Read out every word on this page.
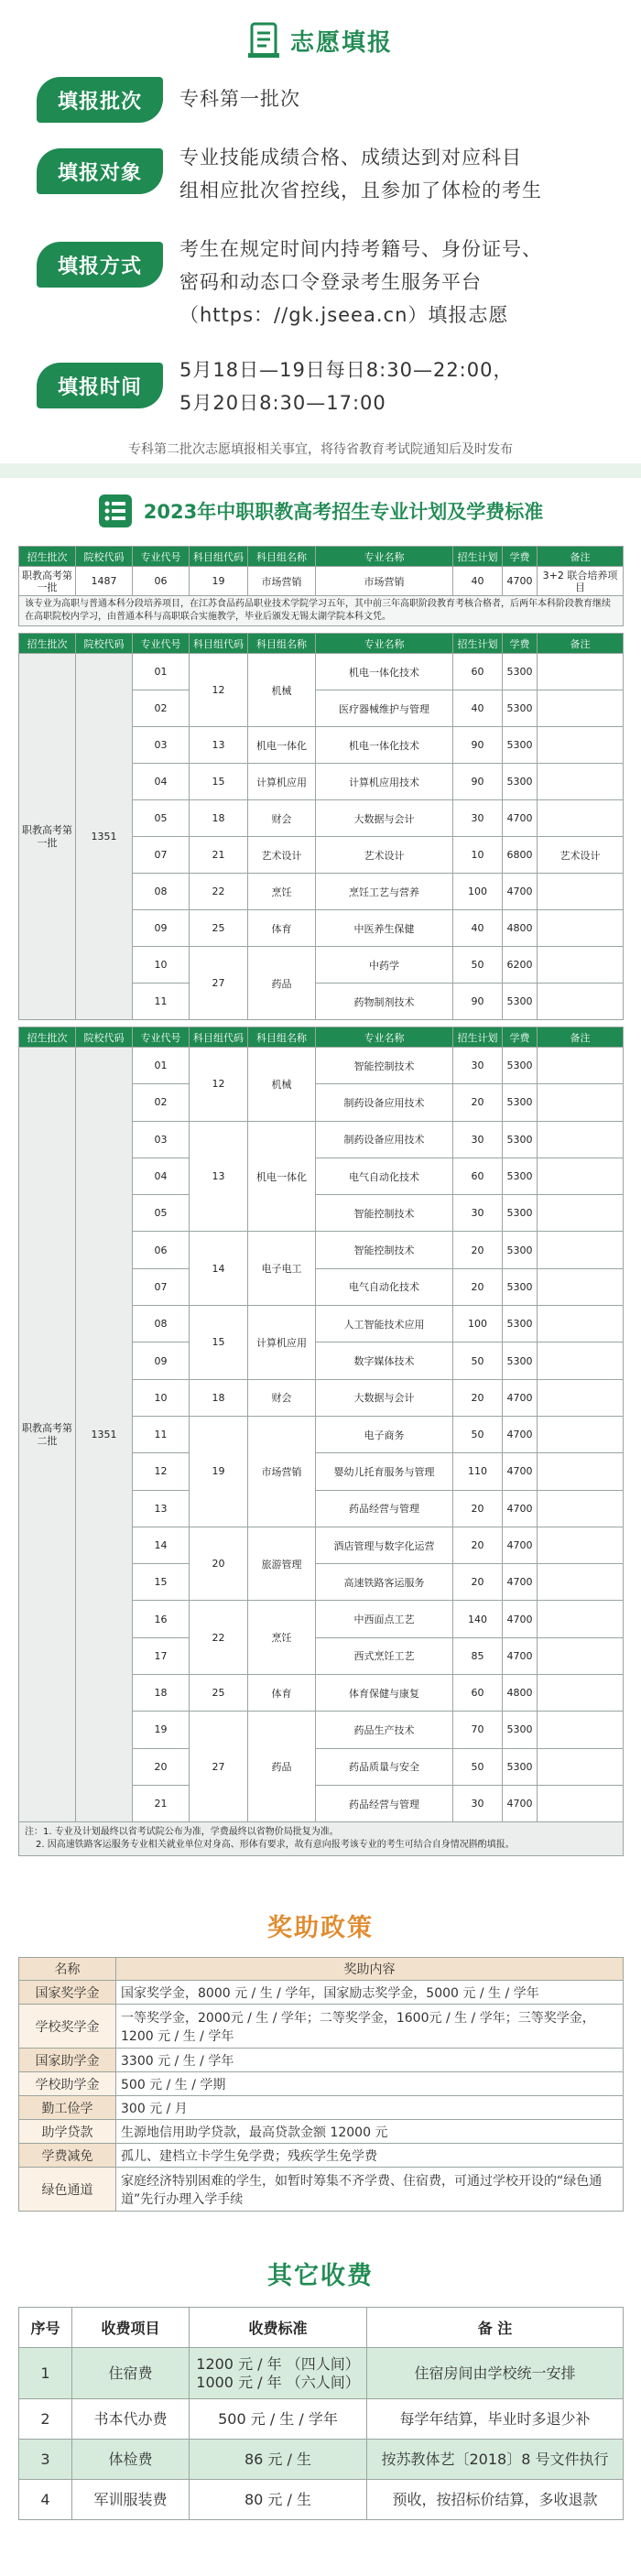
志愿填报
填报批次	专科第一批次

填报对象

专业技能成绩合格、成绩达到对应科目

组相应批次省控线，且参加了体检的考生

填报方式

考生在规定时间内持考籍号、身份证号、

密码和动态口令登录考生服务平台

（https：//gk.jseea.cn）填报志愿

填报时间

5月18日—19日每日8:30—22:00，

5月20日8:30—17:00

专科第二批次志愿填报相关事宜，将待省教育考试院通知后及时发布
2023年中职职教高考招生专业计划及学费标准
招生批次	院校代码	专业代号	科目组代码	科目组名称	专业名称	招生计划	学费	备注
职教高考第一批	1487	06	19	市场营销	市场营销	40	4700	3+2 联合培养项目
该专业为高职与普通本科分段培养项目，在江苏食品药品职业技术学院学习五年，其中前三年高职阶段教育考核合格者，后两年本科阶段教育继续在高职院校内学习，由普通本科与高职联合实施教学，毕业后颁发无锡太湖学院本科文凭。								

招生批次	院校代码	专业代号	科目组代码	科目组名称	专业名称	招生计划	学费	备注
职教高考第一批	1351	01	12	机械	机电一体化技术	60	5300	
		02			医疗器械维护与管理	40	5300	
		03	13	机电一体化	机电一体化技术	90	5300	
		04	15	计算机应用	计算机应用技术	90	5300	
		05	18	财会	大数据与会计	30	4700	
		07	21	艺术设计	艺术设计	10	6800	艺术设计
		08	22	烹饪	烹饪工艺与营养	100	4700	
		09	25	体育	中医养生保健	40	4800	
		10	27	药品	中药学	50	6200	
		11			药物制剂技术	90	5300	

招生批次	院校代码	专业代号	科目组代码	科目组名称	专业名称	招生计划	学费	备注
职教高考第二批	1351	01	12	机械	智能控制技术	30	5300	
		02			制药设备应用技术	20	5300	
		03	13	机电一体化	制药设备应用技术	30	5300	
		04			电气自动化技术	60	5300	
		05			智能控制技术	30	5300	
		06	14	电子电工	智能控制技术	20	5300	
		07			电气自动化技术	20	5300	
		08	15	计算机应用	人工智能技术应用	100	5300	
		09			数字媒体技术	50	5300	
		10	18	财会	大数据与会计	20	4700	
		11	19	市场营销	电子商务	50	4700	
		12			婴幼儿托育服务与管理	110	4700	
		13			药品经营与管理	20	4700	
		14	20	旅游管理	酒店管理与数字化运营	20	4700	
		15			高速铁路客运服务	20	4700	
		16	22	烹饪	中西面点工艺	140	4700	
		17			西式烹饪工艺	85	4700	
		18	25	体育	体育保健与康复	60	4800	
		19	27	药品	药品生产技术	70	5300	
		20			药品质量与安全	50	5300	
		21			药品经营与管理	30	4700	

注：1. 专业及计划最终以省考试院公布为准，学费最终以省物价局批复为准。
2. 因高速铁路客运服务专业相关就业单位对身高、形体有要求，故有意向报考该专业的考生可结合自身情况斟酌填报。								
奖助政策
名称	奖助内容
国家奖学金	国家奖学金，8000 元 / 生 / 学年，国家励志奖学金，5000 元 / 生 / 学年
学校奖学金	一等奖学金，2000元 / 生 / 学年；二等奖学金，1600元 / 生 / 学年；三等奖学金，1200 元 / 生 / 学年
国家助学金	3300 元 / 生 / 学年
学校助学金	500 元 / 生 / 学期
勤工俭学	300 元 / 月
助学贷款	生源地信用助学贷款，最高贷款金额 12000 元
学费减免	孤儿、建档立卡学生免学费；残疾学生免学费
绿色通道	家庭经济特别困难的学生，如暂时筹集不齐学费、住宿费，可通过学校开设的“绿色通道”先行办理入学手续
其它收费
序号	收费项目	收费标准	备 注

1	住宿费	1200 元 / 年 （四人间）
1000 元 / 年 （六人间）	住宿房间由学校统一安排

2	书本代办费	500 元 / 生 / 学年	每学年结算，毕业时多退少补

3	体检费	86 元 / 生	按苏教体艺〔2018〕8 号文件执行

4	军训服装费	80 元 / 生	预收，按招标价结算，多收退款
